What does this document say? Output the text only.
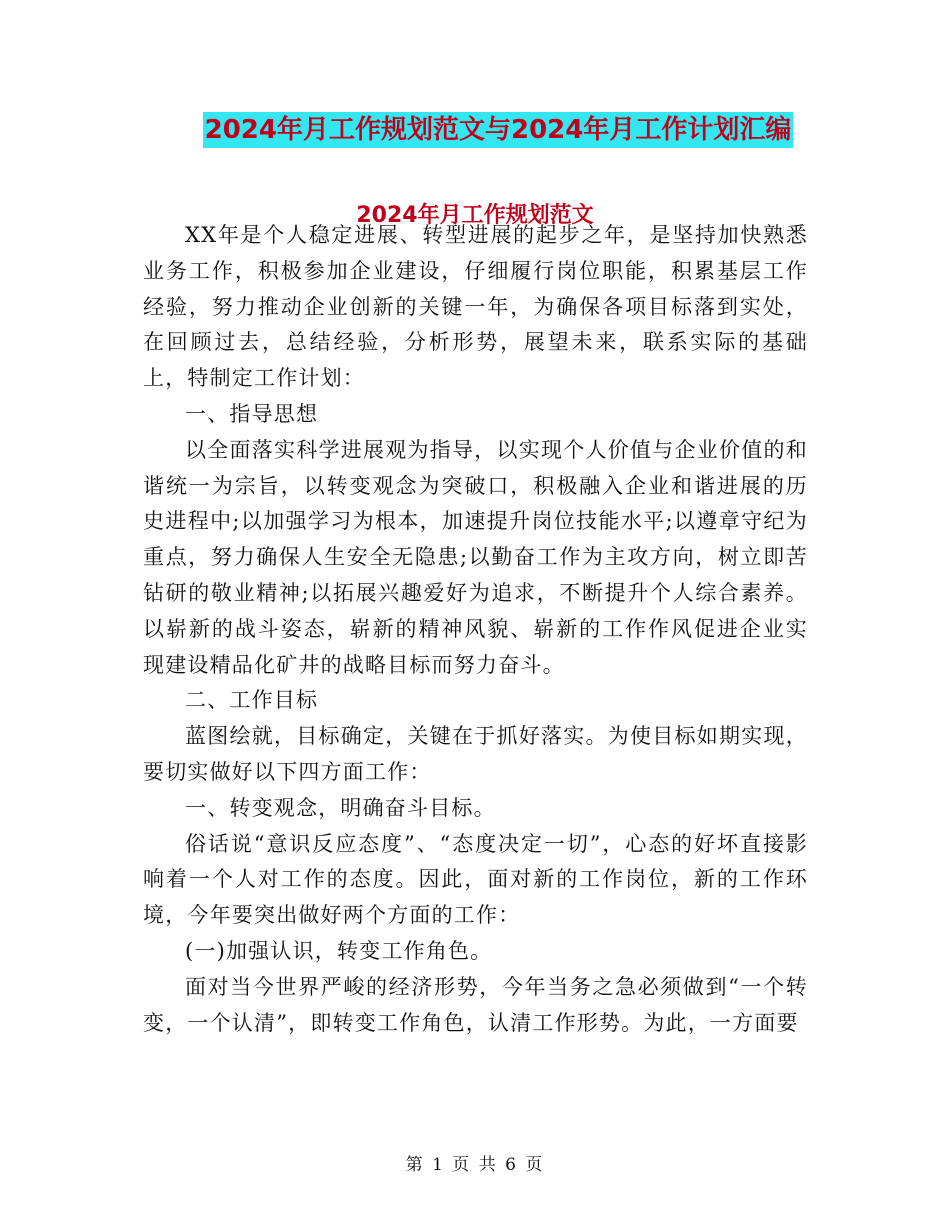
2024年月工作规划范文与2024年月工作计划汇编
2024年月工作规划范文

XX年是个人稳定进展、转型进展的起步之年，是坚持加快熟悉业务工作，积极参加企业建设，仔细履行岗位职能，积累基层工作经验，努力推动企业创新的关键一年，为确保各项目标落到实处，在回顾过去，总结经验，分析形势，展望未来，联系实际的基础上，特制定工作计划：

一、指导思想

以全面落实科学进展观为指导，以实现个人价值与企业价值的和谐统一为宗旨，以转变观念为突破口，积极融入企业和谐进展的历史进程中;以加强学习为根本，加速提升岗位技能水平;以遵章守纪为重点，努力确保人生安全无隐患;以勤奋工作为主攻方向，树立即苦钻研的敬业精神;以拓展兴趣爱好为追求，不断提升个人综合素养。以崭新的战斗姿态，崭新的精神风貌、崭新的工作作风促进企业实现建设精品化矿井的战略目标而努力奋斗。

二、工作目标

蓝图绘就，目标确定，关键在于抓好落实。为使目标如期实现，要切实做好以下四方面工作：

一、转变观念，明确奋斗目标。

俗话说“意识反应态度”、“态度决定一切”，心态的好坏直接影响着一个人对工作的态度。因此，面对新的工作岗位，新的工作环境，今年要突出做好两个方面的工作：

(一)加强认识，转变工作角色。

面对当今世界严峻的经济形势，今年当务之急必须做到“一个转变，一个认清”，即转变工作角色，认清工作形势。为此，一方面要

第 1 页 共 6 页
